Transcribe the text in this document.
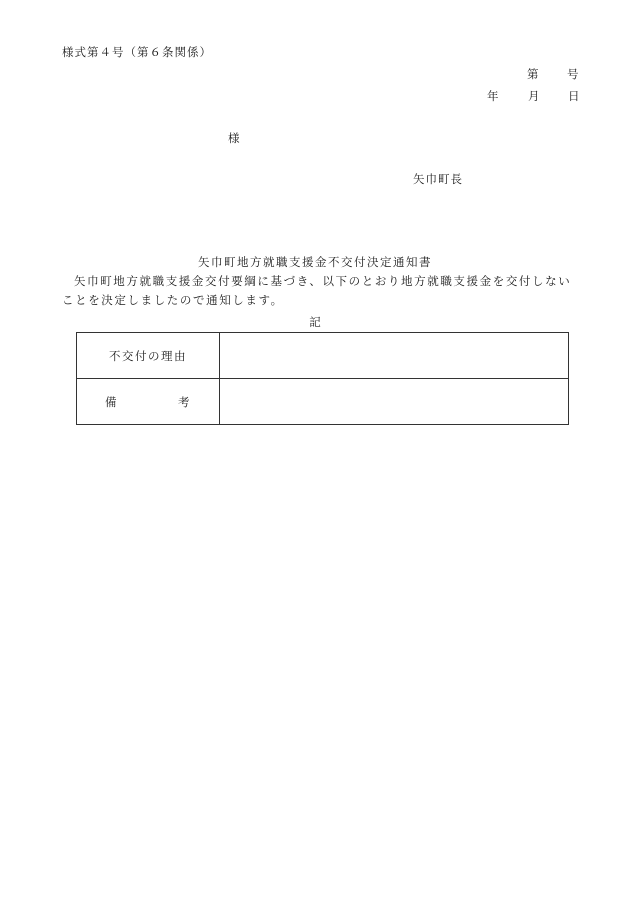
様式第４号（第６条関係）
第 号
年	月 日
様
矢巾町長
矢巾町地方就職支援金不交付決定通知書
矢巾町地方就職支援金交付要綱に基づき、以下のとおり地方就職支援金を交付しないことを決定しましたので通知します。
記
不交付の理由	
備　　　考	
